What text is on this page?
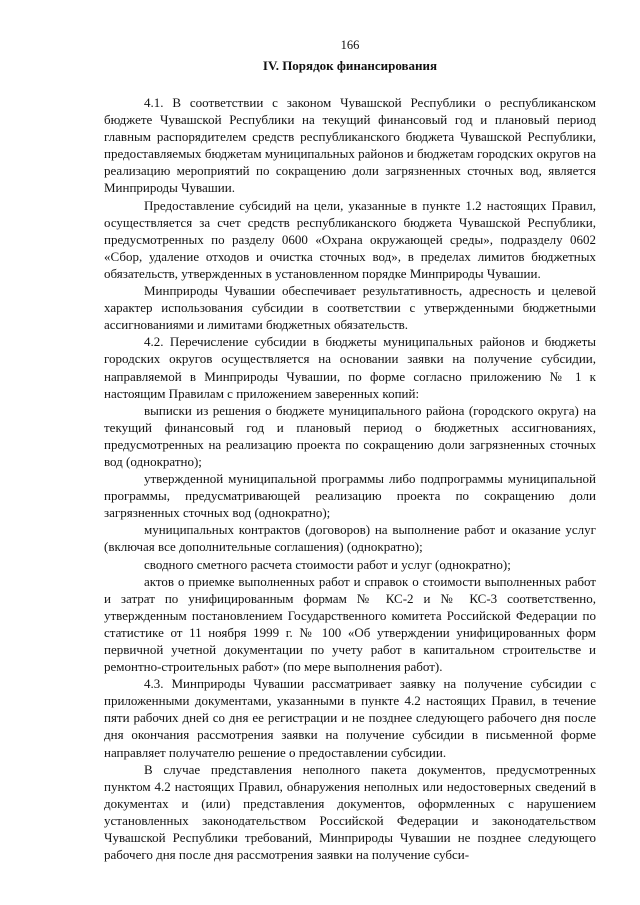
166
IV. Порядок финансирования

4.1. В соответствии с законом Чувашской Республики о республиканском бюджете Чувашской Республики на текущий финансовый год и плановый период главным распорядителем средств республиканского бюджета Чувашской Республики, предоставляемых бюджетам муниципальных районов и бюджетам городских округов на реализацию мероприятий по сокращению доли загрязненных сточных вод, является Минприроды Чувашии.

Предоставление субсидий на цели, указанные в пункте 1.2 настоящих Правил, осуществляется за счет средств республиканского бюджета Чувашской Республики, предусмотренных по разделу 0600 «Охрана окружающей среды», подразделу 0602 «Сбор, удаление отходов и очистка сточных вод», в пределах лимитов бюджетных обязательств, утвержденных в установленном порядке Минприроды Чувашии.

Минприроды Чувашии обеспечивает результативность, адресность и целевой характер использования субсидии в соответствии с утвержденными бюджетными ассигнованиями и лимитами бюджетных обязательств.

4.2. Перечисление субсидии в бюджеты муниципальных районов и бюджеты городских округов осуществляется на основании заявки на получение субсидии, направляемой в Минприроды Чувашии, по форме согласно приложению № 1 к настоящим Правилам с приложением заверенных копий:

выписки из решения о бюджете муниципального района (городского округа) на текущий финансовый год и плановый период о бюджетных ассигнованиях, предусмотренных на реализацию проекта по сокращению доли загрязненных сточных вод (однократно);

утвержденной муниципальной программы либо подпрограммы муниципальной программы, предусматривающей реализацию проекта по сокращению доли загрязненных сточных вод (однократно);

муниципальных контрактов (договоров) на выполнение работ и оказание услуг (включая все дополнительные соглашения) (однократно);

сводного сметного расчета стоимости работ и услуг (однократно);

актов о приемке выполненных работ и справок о стоимости выполненных работ и затрат по унифицированным формам № КС-2 и № КС-3 соответственно, утвержденным постановлением Государственного комитета Российской Федерации по статистике от 11 ноября 1999 г. № 100 «Об утверждении унифицированных форм первичной учетной документации по учету работ в капитальном строительстве и ремонтно-строительных работ» (по мере выполнения работ).

4.3. Минприроды Чувашии рассматривает заявку на получение субсидии с приложенными документами, указанными в пункте 4.2 настоящих Правил, в течение пяти рабочих дней со дня ее регистрации и не позднее следующего рабочего дня после дня окончания рассмотрения заявки на получение субсидии в письменной форме направляет получателю решение о предоставлении субсидии.

В случае представления неполного пакета документов, предусмотренных пунктом 4.2 настоящих Правил, обнаружения неполных или недостоверных сведений в документах и (или) представления документов, оформленных с нарушением установленных законодательством Российской Федерации и законодательством Чувашской Республики требований, Минприроды Чувашии не позднее следующего рабочего дня после дня рассмотрения заявки на получение субси-
